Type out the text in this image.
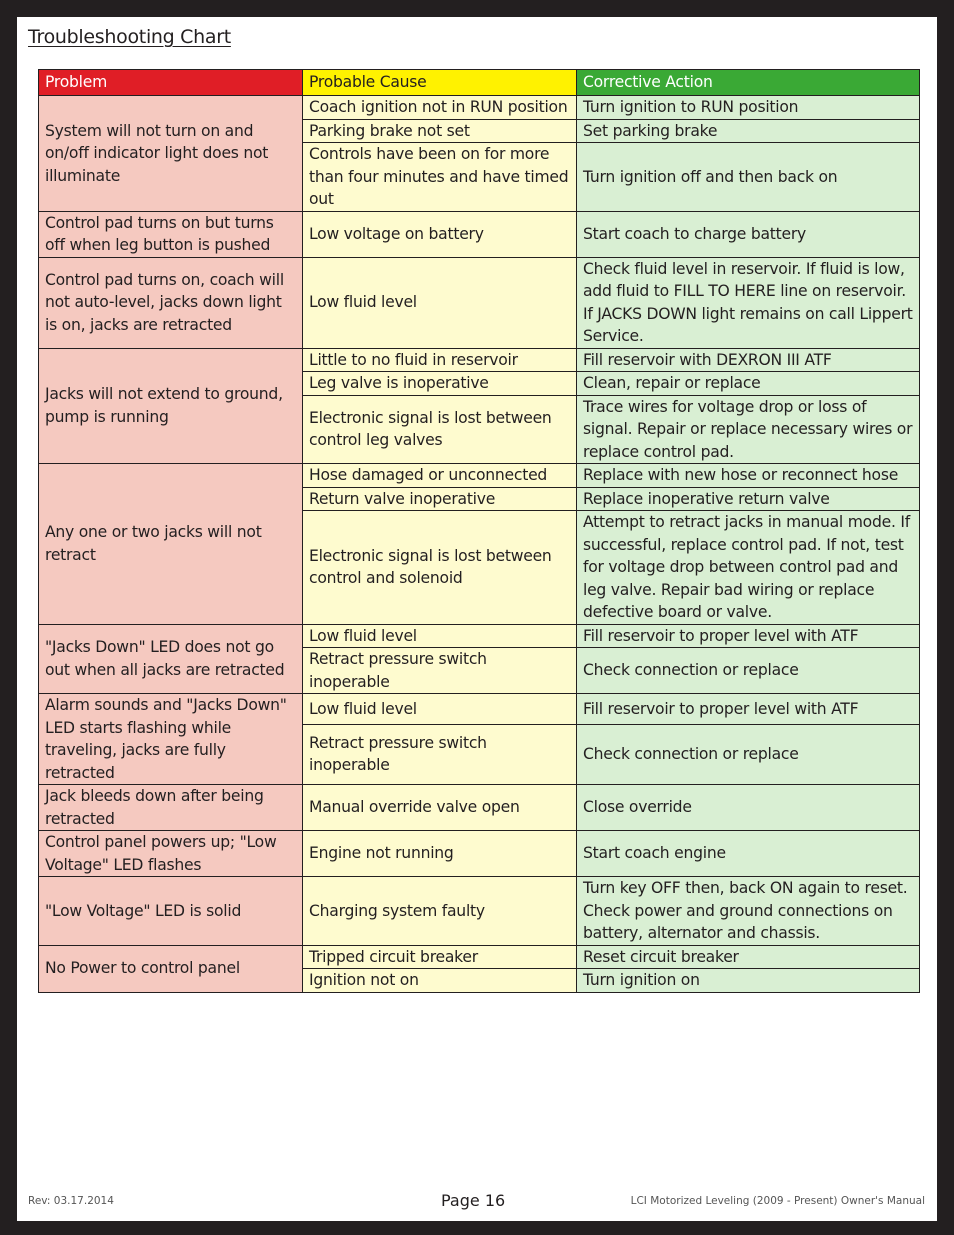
Troubleshooting Chart
Problem	Probable Cause	Corrective Action
System will not turn on and on/off indicator light does not illuminate	Coach ignition not in RUN position	Turn ignition to RUN position
	Parking brake not set	Set parking brake
	Controls have been on for more than four minutes and have timed out	Turn ignition off and then back on
Control pad turns on but turns off when leg button is pushed	Low voltage on battery	Start coach to charge battery
Control pad turns on, coach will not auto-level, jacks down light is on, jacks are retracted	Low fluid level	Check fluid level in reservoir. If fluid is low, add fluid to FILL TO HERE line on reservoir. If JACKS DOWN light remains on call Lippert Service.
Jacks will not extend to ground, pump is running	Little to no fluid in reservoir	Fill reservoir with DEXRON III ATF
	Leg valve is inoperative	Clean, repair or replace
	Electronic signal is lost between control leg valves	Trace wires for voltage drop or loss of signal. Repair or replace necessary wires or replace control pad.
Any one or two jacks will not retract	Hose damaged or unconnected	Replace with new hose or reconnect hose
	Return valve inoperative	Replace inoperative return valve
	Electronic signal is lost between control and solenoid	Attempt to retract jacks in manual mode. If successful, replace control pad. If not, test for voltage drop between control pad and leg valve. Repair bad wiring or replace defective board or valve.
"Jacks Down" LED does not go out when all jacks are retracted	Low fluid level	Fill reservoir to proper level with ATF
	Retract pressure switch inoperable	Check connection or replace
Alarm sounds and "Jacks Down" LED starts flashing while traveling, jacks are fully retracted	Low fluid level	Fill reservoir to proper level with ATF
	Retract pressure switch inoperable	Check connection or replace
Jack bleeds down after being retracted	Manual override valve open	Close override
Control panel powers up; "Low Voltage" LED flashes	Engine not running	Start coach engine
"Low Voltage" LED is solid	Charging system faulty	Turn key OFF then, back ON again to reset. Check power and ground connections on battery, alternator and chassis.
No Power to control panel	Tripped circuit breaker	Reset circuit breaker
	Ignition not on	Turn ignition on
Rev: 03.17.2014	Page 16	LCI Motorized Leveling (2009 - Present) Owner's Manual
